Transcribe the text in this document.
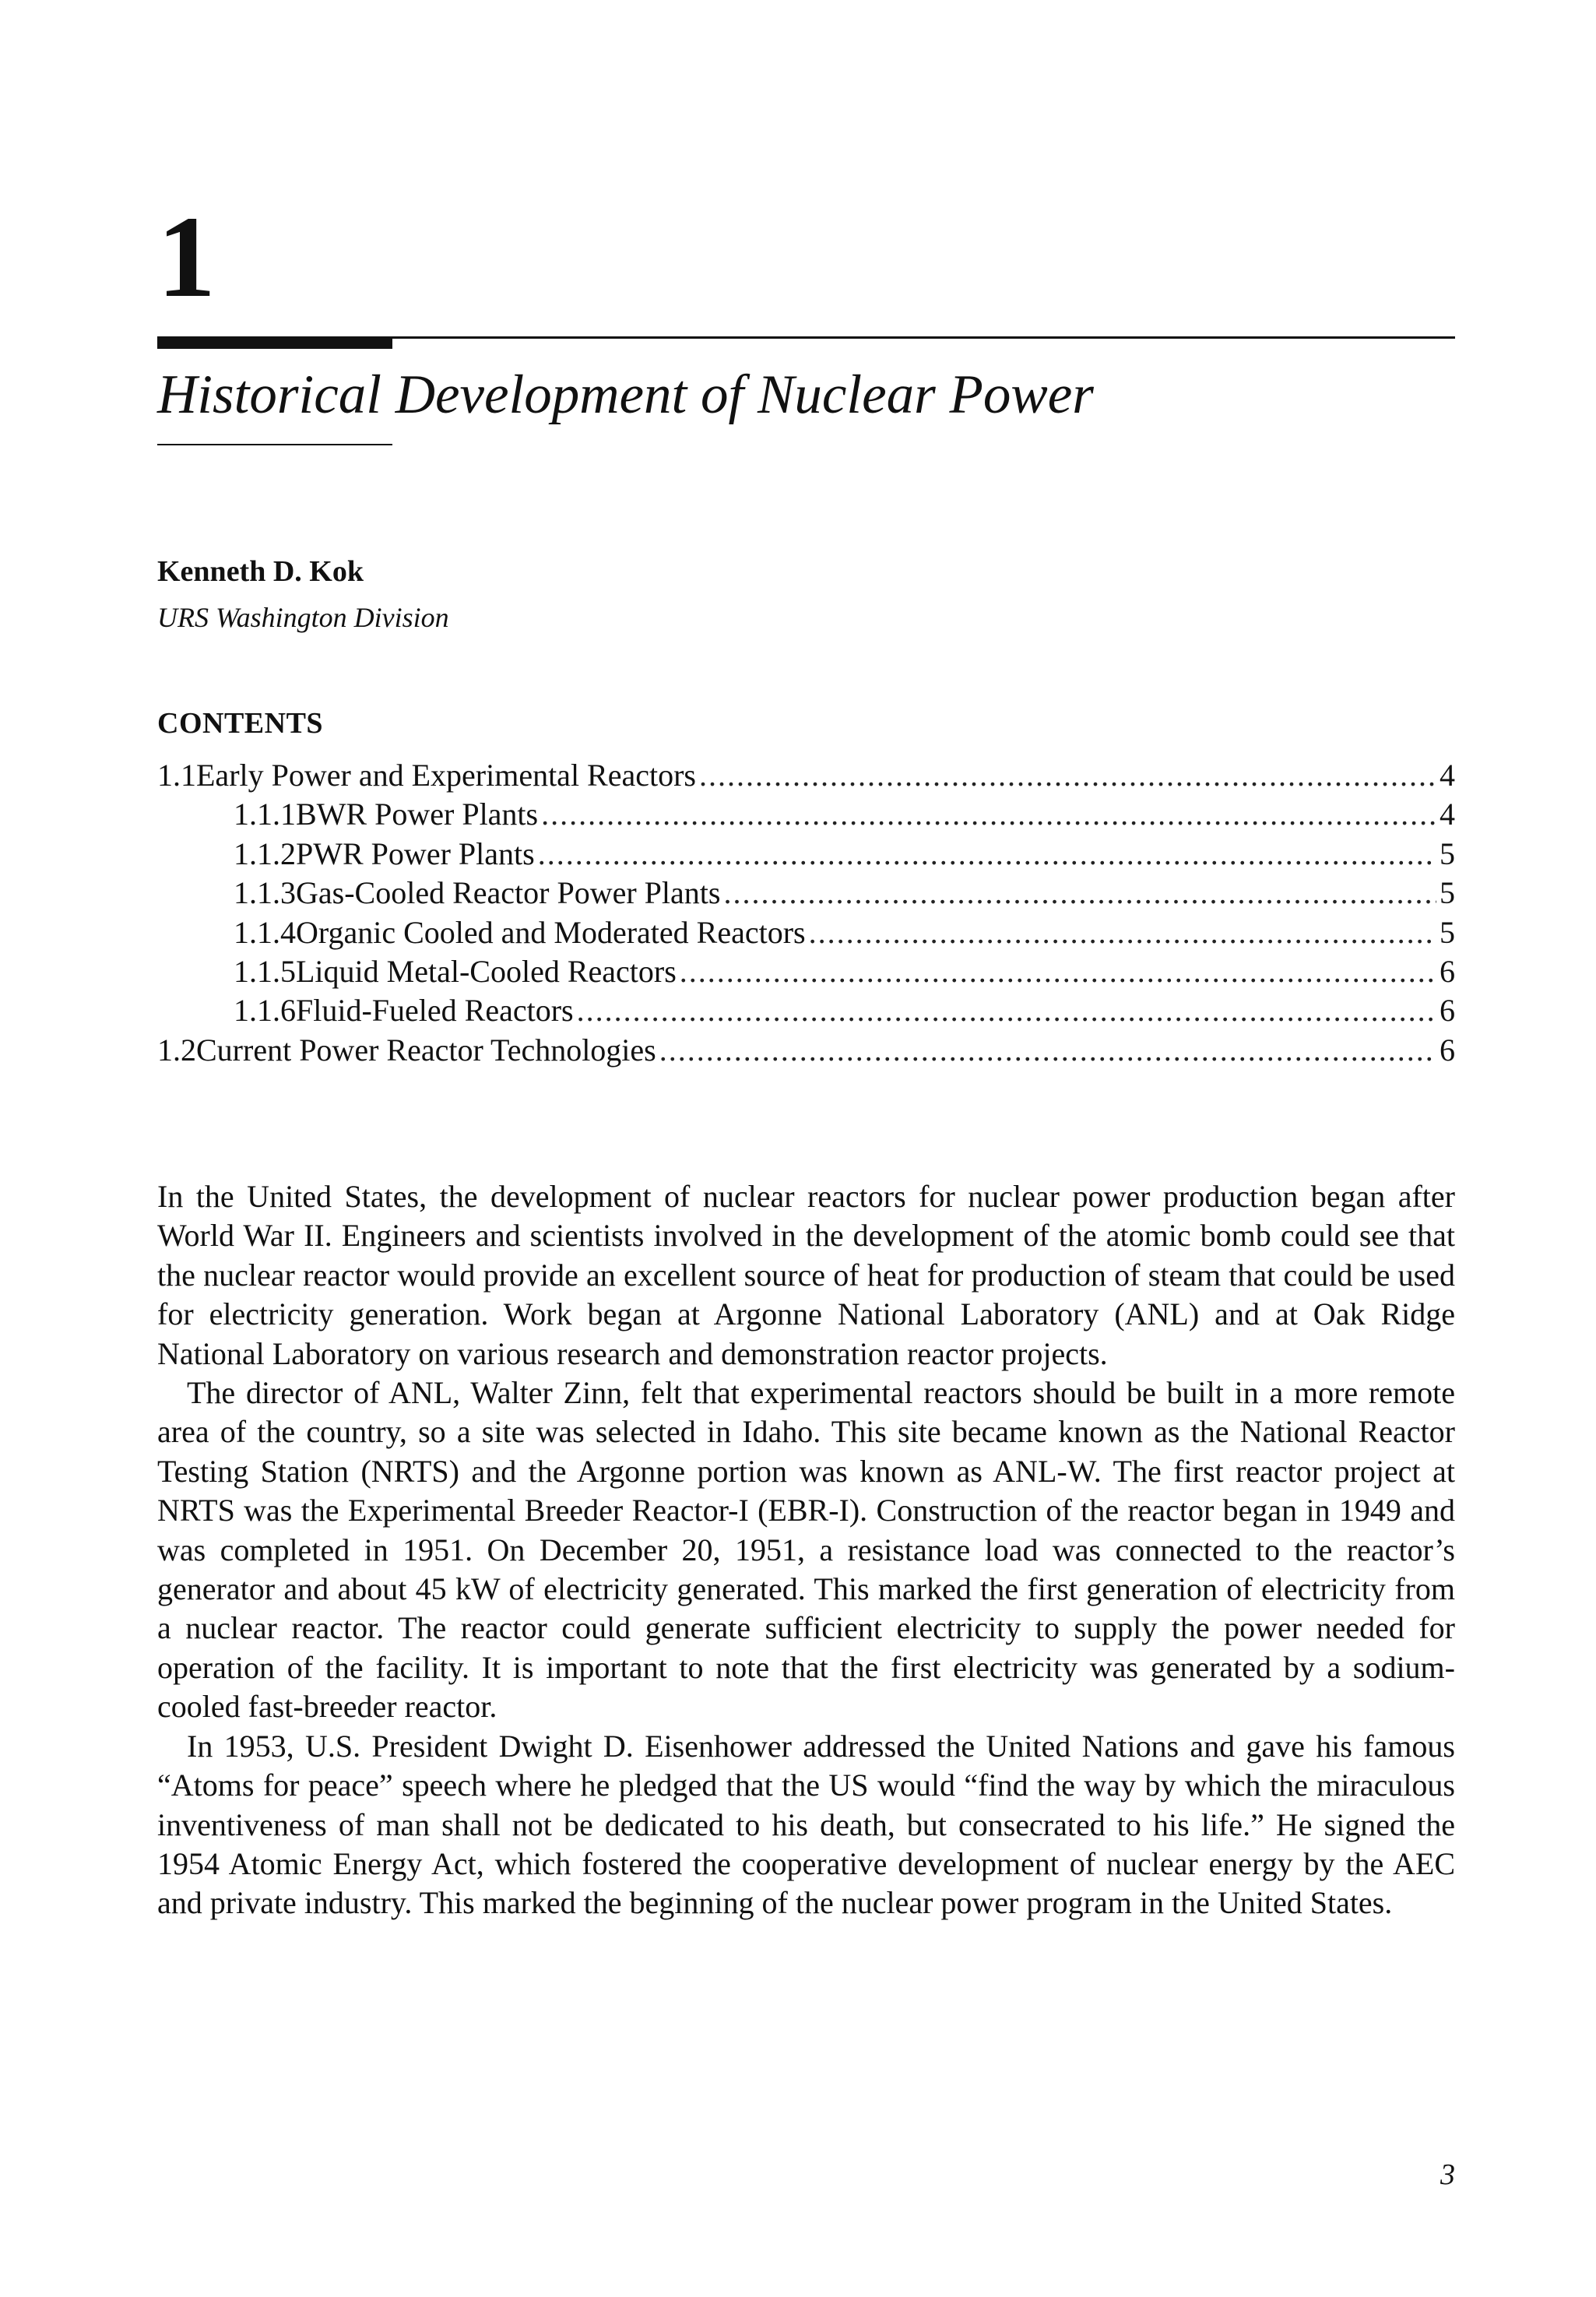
1
Historical Development of Nuclear Power
Kenneth D. Kok
URS Washington Division
CONTENTS
1.1 Early Power and Experimental Reactors .....	4
1.1.1 BWR Power Plants .....	4
1.1.2 PWR Power Plants .....	5
1.1.3 Gas-Cooled Reactor Power Plants .....	5
1.1.4 Organic Cooled and Moderated Reactors .....	5
1.1.5 Liquid Metal-Cooled Reactors .....	6
1.1.6 Fluid-Fueled Reactors .....	6
1.2 Current Power Reactor Technologies .....	6

In the United States, the development of nuclear reactors for nuclear power production began after World War II. Engineers and scientists involved in the development of the atomic bomb could see that the nuclear reactor would provide an excellent source of heat for production of steam that could be used for electricity generation. Work began at Argonne National Laboratory (ANL) and at Oak Ridge National Laboratory on various research and demonstration reactor projects.

The director of ANL, Walter Zinn, felt that experimental reactors should be built in a more remote area of the country, so a site was selected in Idaho. This site became known as the National Reactor Testing Station (NRTS) and the Argonne portion was known as ANL-W. The first reactor project at NRTS was the Experimental Breeder Reactor-I (EBR-I). Construction of the reactor began in 1949 and was completed in 1951. On December 20, 1951, a resistance load was connected to the reactor’s generator and about 45 kW of electricity generated. This marked the first generation of electricity from a nuclear reactor. The reactor could generate sufficient electricity to supply the power needed for operation of the facility. It is important to note that the first electricity was generated by a sodium-cooled fast-breeder reactor.

In 1953, U.S. President Dwight D. Eisenhower addressed the United Nations and gave his famous “Atoms for peace” speech where he pledged that the US would “find the way by which the miraculous inventiveness of man shall not be dedicated to his death, but consecrated to his life.” He signed the 1954 Atomic Energy Act, which fostered the cooperative development of nuclear energy by the AEC and private industry. This marked the beginning of the nuclear power program in the United States.

3
